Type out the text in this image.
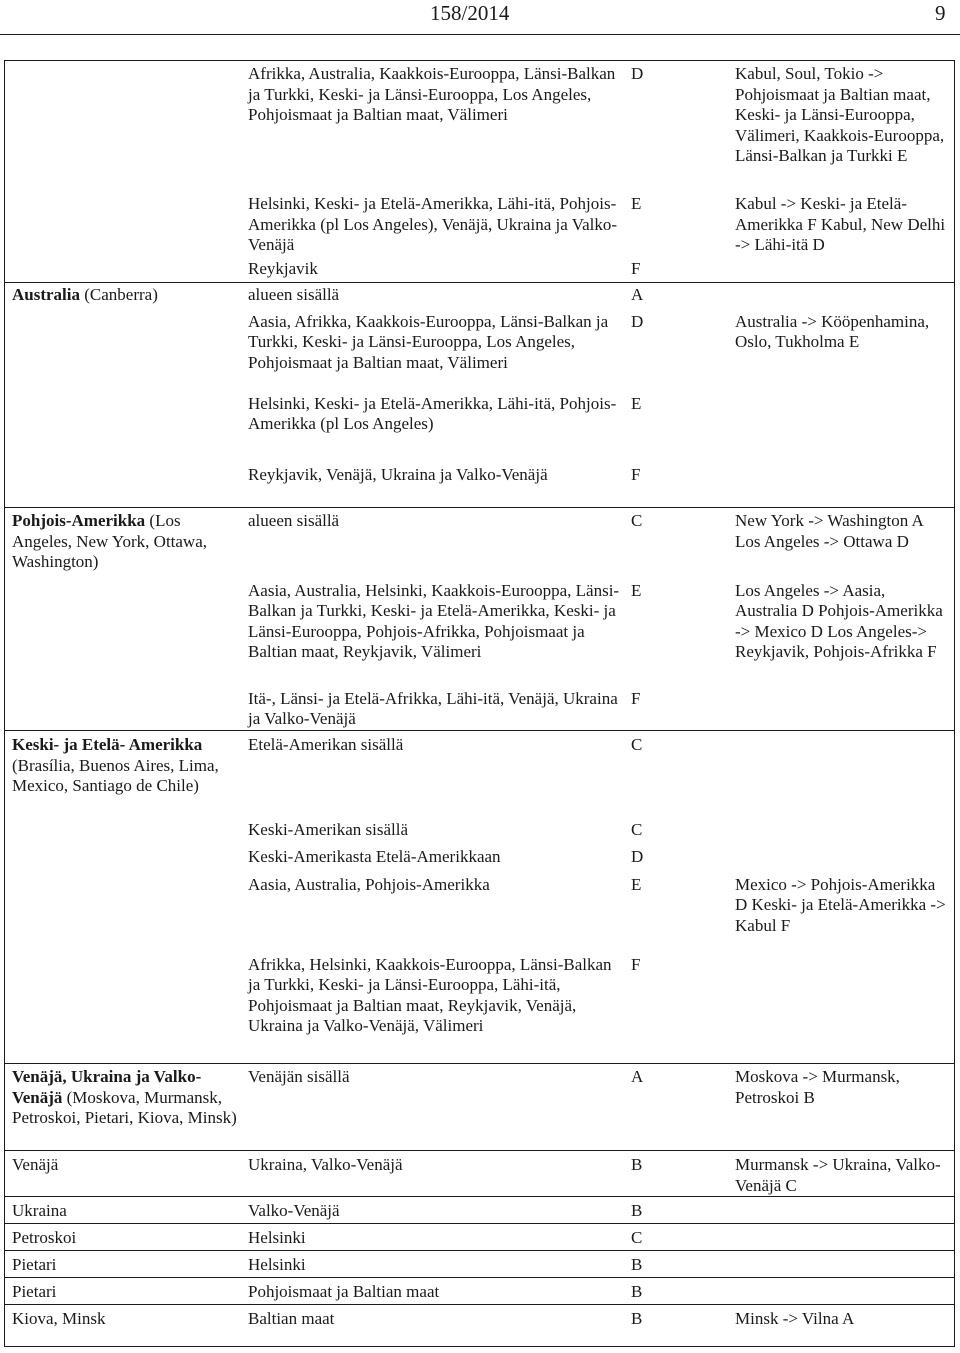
158/2014	9
	Afrikka, Australia, Kaakkois-Eurooppa, Länsi-Balkan ja Turkki, Keski- ja Länsi-Eurooppa, Los Angeles, Pohjoismaat ja Baltian maat, Välimeri	D	Kabul, Soul, Tokio -> Pohjoismaat ja Baltian maat, Keski- ja Länsi-Eurooppa, Välimeri, Kaakkois-Eurooppa, Länsi-Balkan ja Turkki E
	Helsinki, Keski- ja Etelä-Amerikka, Lähi-itä, Pohjois-Amerikka (pl Los Angeles), Venäjä, Ukraina ja Valko-Venäjä	E	Kabul -> Keski- ja Etelä-Amerikka F Kabul, New Delhi -> Lähi-itä D
	Reykjavik	F	
Australia (Canberra)	alueen sisällä	A	
	Aasia, Afrikka, Kaakkois-Eurooppa, Länsi-Balkan ja Turkki, Keski- ja Länsi-Eurooppa, Los Angeles, Pohjoismaat ja Baltian maat, Välimeri	D	Australia -> Kööpenhamina, Oslo, Tukholma E
	Helsinki, Keski- ja Etelä-Amerikka, Lähi-itä, Pohjois-Amerikka (pl Los Angeles)	E	
	Reykjavik, Venäjä, Ukraina ja Valko-Venäjä	F	
Pohjois-Amerikka (Los Angeles, New York, Ottawa, Washington)	alueen sisällä	C	New York -> Washington A Los Angeles -> Ottawa D
	Aasia, Australia, Helsinki, Kaakkois-Eurooppa, Länsi-Balkan ja Turkki, Keski- ja Etelä-Amerikka, Keski- ja Länsi-Eurooppa, Pohjois-Afrikka, Pohjoismaat ja Baltian maat, Reykjavik, Välimeri	E	Los Angeles -> Aasia, Australia D Pohjois-Amerikka -> Mexico D Los Angeles-> Reykjavik, Pohjois-Afrikka F
	Itä-, Länsi- ja Etelä-Afrikka, Lähi-itä, Venäjä, Ukraina ja Valko-Venäjä	F	
Keski- ja Etelä- Amerikka (Brasília, Buenos Aires, Lima, Mexico, Santiago de Chile)	Etelä-Amerikan sisällä	C	
	Keski-Amerikan sisällä	C	
	Keski-Amerikasta Etelä-Amerikkaan	D	
	Aasia, Australia, Pohjois-Amerikka	E	Mexico -> Pohjois-Amerikka D Keski- ja Etelä-Amerikka -> Kabul F
	Afrikka, Helsinki, Kaakkois-Eurooppa, Länsi-Balkan ja Turkki, Keski- ja Länsi-Eurooppa, Lähi-itä, Pohjoismaat ja Baltian maat, Reykjavik, Venäjä, Ukraina ja Valko-Venäjä, Välimeri	F	
Venäjä, Ukraina ja Valko-Venäjä (Moskova, Murmansk, Petroskoi, Pietari, Kiova, Minsk)	Venäjän sisällä	A	Moskova -> Murmansk, Petroskoi B
Venäjä	Ukraina, Valko-Venäjä	B	Murmansk -> Ukraina, Valko-Venäjä C
Ukraina	Valko-Venäjä	B	
Petroskoi	Helsinki	C	
Pietari	Helsinki	B	
Pietari	Pohjoismaat ja Baltian maat	B	
Kiova, Minsk	Baltian maat	B	Minsk -> Vilna A
